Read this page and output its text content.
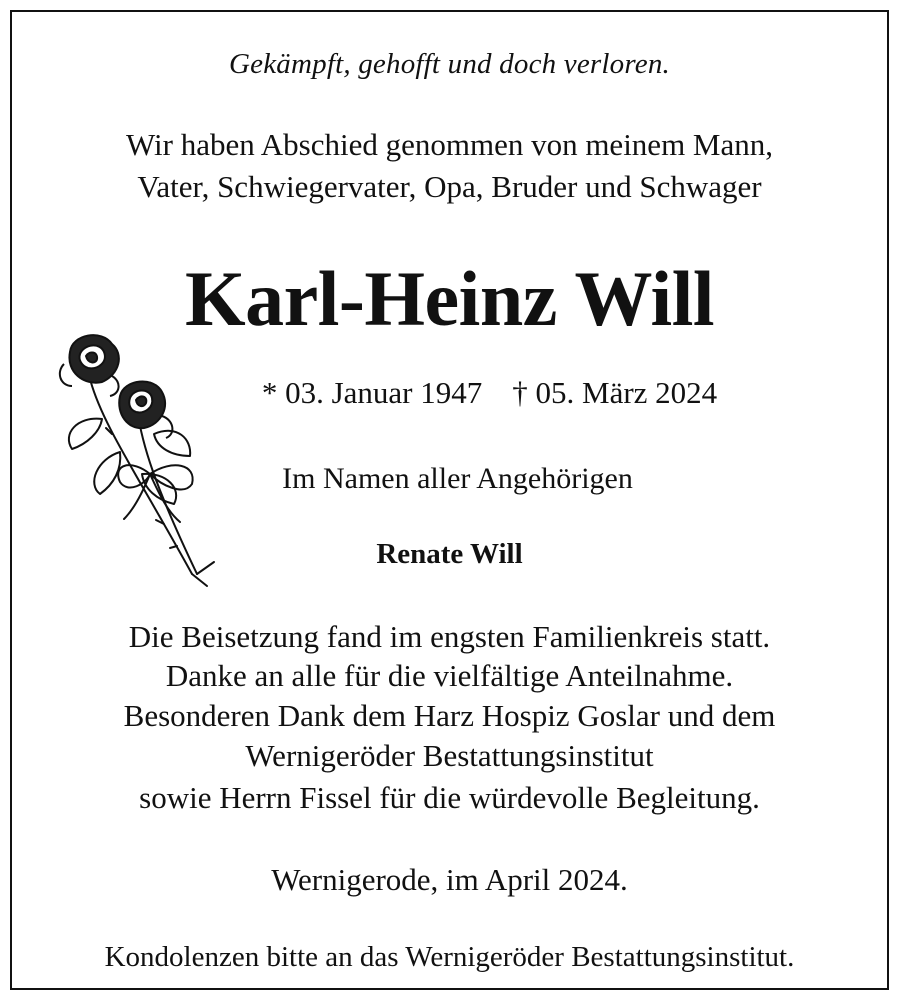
Gekämpft, gehofft und doch verloren.
Wir haben Abschied genommen von meinem Mann,
Vater, Schwiegervater, Opa, Bruder und Schwager
Karl-Heinz Will
* 03. Januar 1947 † 05. März 2024
Im Namen aller Angehörigen
Renate Will
Die Beisetzung fand im engsten Familienkreis statt.
Danke an alle für die vielfältige Anteilnahme.
Besonderen Dank dem Harz Hospiz Goslar und dem
Wernigeröder Bestattungsinstitut
sowie Herrn Fissel für die würdevolle Begleitung.
Wernigerode, im April 2024.
Kondolenzen bitte an das Wernigeröder Bestattungsinstitut.
